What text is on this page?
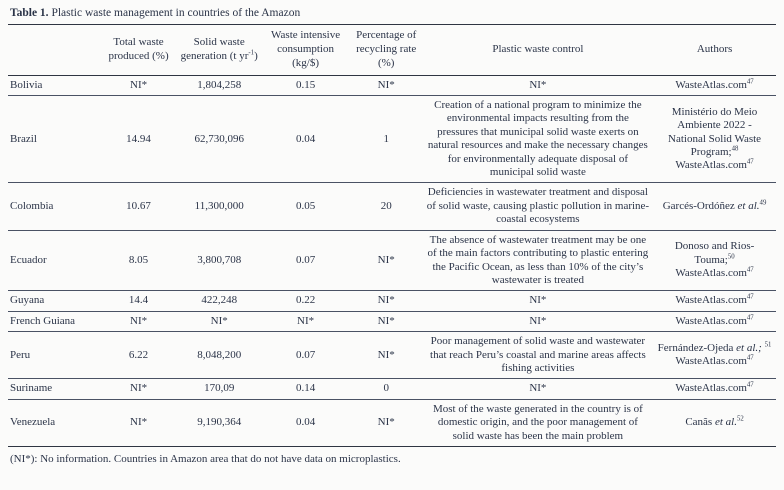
Table 1. Plastic waste management in countries of the Amazon

	Total waste produced (%)	Solid waste generation (t $yr^{-1}$)	Waste intensive consumption (kg/$)	Percentage of recycling rate (%)	Plastic waste control	Authors
Bolivia	NI*	1,804,258	0.15	NI*	NI*	WasteAtlas.com$^{47}$
Brazil	14.94	62,730,096	0.04	1	Creation of a national program to minimize the environmental impacts resulting from the pressures that municipal solid waste exerts on natural resources and make the necessary changes for environmentally adequate disposal of municipal solid waste	Ministério do Meio Ambiente 2022 - National Solid Waste Program;$^{48}$ WasteAtlas.com$^{47}$
Colombia	10.67	11,300,000	0.05	20	Deficiencies in wastewater treatment and disposal of solid waste, causing plastic pollution in marine-coastal ecosystems	Garcés-Ordóñez et al.$^{49}$
Ecuador	8.05	3,800,708	0.07	NI*	The absence of wastewater treatment may be one of the main factors contributing to plastic entering the Pacific Ocean, as less than 10% of the city’s wastewater is treated	Donoso and Rios-Touma;$^{50}$ WasteAtlas.com$^{47}$
Guyana	14.4	422,248	0.22	NI*	NI*	WasteAtlas.com$^{47}$
French Guiana	NI*	NI*	NI*	NI*	NI*	WasteAtlas.com$^{47}$
Peru	6.22	8,048,200	0.07	NI*	Poor management of solid waste and wastewater that reach Peru’s coastal and marine areas affects fishing activities	Fernández-Ojeda et al.; $^{51}$ WasteAtlas.com$^{47}$
Suriname	NI*	170,09	0.14	0	NI*	WasteAtlas.com$^{47}$
Venezuela	NI*	9,190,364	0.04	NI*	Most of the waste generated in the country is of domestic origin, and the poor management of solid waste has been the main problem	Canãs et al.$^{52}$

(NI*): No information. Countries in Amazon area that do not have data on microplastics.
